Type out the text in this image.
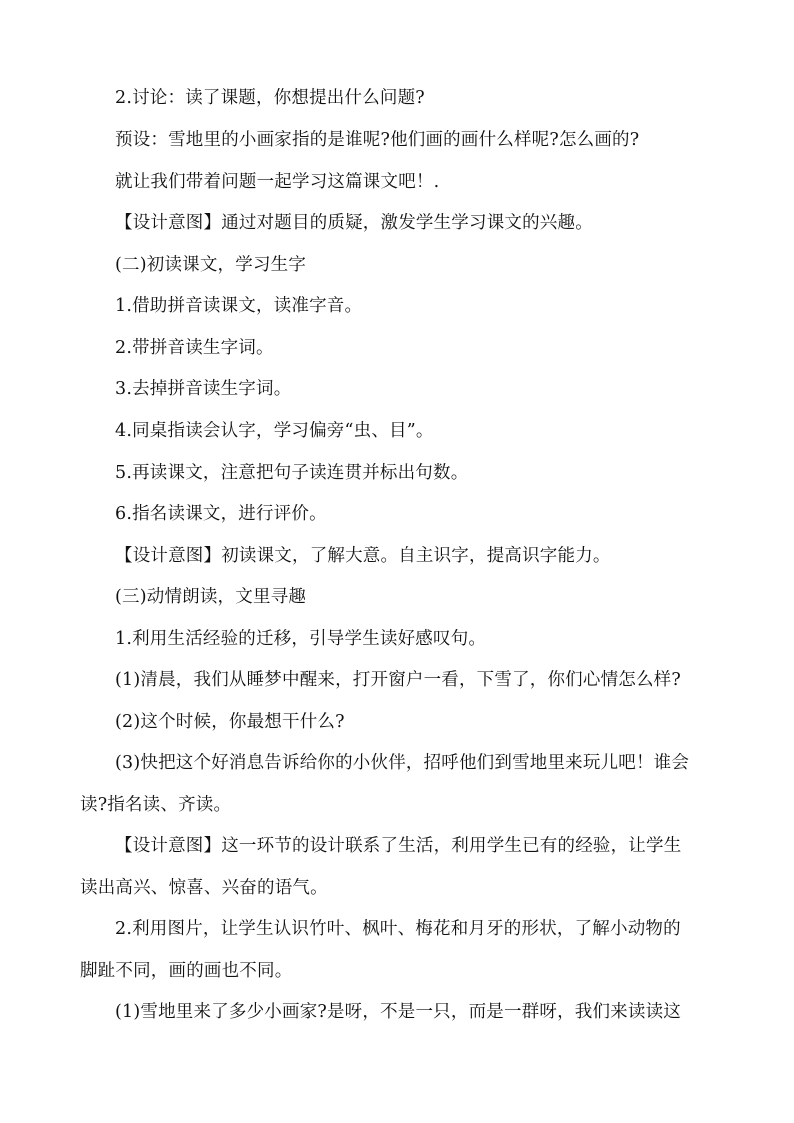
2.讨论：读了课题，你想提出什么问题?
预设：雪地里的小画家指的是谁呢?他们画的画什么样呢?怎么画的?
就让我们带着问题一起学习这篇课文吧！.
【设计意图】通过对题目的质疑，激发学生学习课文的兴趣。
(二)初读课文，学习生字
1.借助拼音读课文，读准字音。
2.带拼音读生字词。
3.去掉拼音读生字词。
4.同桌指读会认字，学习偏旁“虫、目”。
5.再读课文，注意把句子读连贯并标出句数。
6.指名读课文，进行评价。
【设计意图】初读课文，了解大意。自主识字，提高识字能力。
(三)动情朗读，文里寻趣
1.利用生活经验的迁移，引导学生读好感叹句。
(1)清晨，我们从睡梦中醒来，打开窗户一看，下雪了，你们心情怎么样?
(2)这个时候，你最想干什么?
(3)快把这个好消息告诉给你的小伙伴，招呼他们到雪地里来玩儿吧！谁会
读?指名读、齐读。
【设计意图】这一环节的设计联系了生活，利用学生已有的经验，让学生
读出高兴、惊喜、兴奋的语气。
2.利用图片，让学生认识竹叶、枫叶、梅花和月牙的形状，了解小动物的
脚趾不同，画的画也不同。
(1)雪地里来了多少小画家?是呀，不是一只，而是一群呀，我们来读读这
